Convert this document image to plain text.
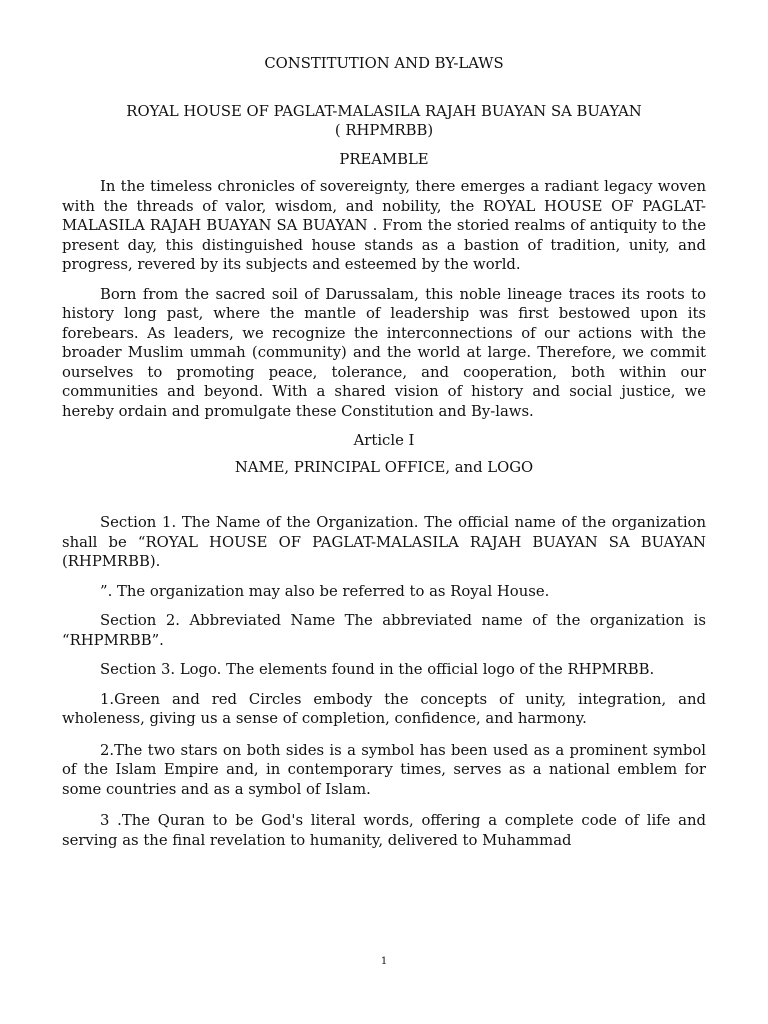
CONSTITUTION AND BY-LAWS

ROYAL HOUSE OF PAGLAT-MALASILA RAJAH BUAYAN SA BUAYAN

( RHPMRBB)

PREAMBLE

In the timeless chronicles of sovereignty, there emerges a radiant legacy woven with the threads of valor, wisdom, and nobility, the ROYAL HOUSE OF PAGLAT-MALASILA RAJAH BUAYAN SA BUAYAN . From the storied realms of antiquity to the present day, this distinguished house stands as a bastion of tradition, unity, and progress, revered by its subjects and esteemed by the world.

Born from the sacred soil of Darussalam, this noble lineage traces its roots to history long past, where the mantle of leadership was first bestowed upon its forebears. As leaders, we recognize the interconnections of our actions with the broader Muslim ummah (community) and the world at large. Therefore, we commit ourselves to promoting peace, tolerance, and cooperation, both within our communities and beyond. With a shared vision of history and social justice, we hereby ordain and promulgate these Constitution and By-laws.

Article I

NAME, PRINCIPAL OFFICE, and LOGO

Section 1. The Name of the Organization. The official name of the organization shall be “ROYAL HOUSE OF PAGLAT-MALASILA RAJAH BUAYAN SA BUAYAN (RHPMRBB).

”. The organization may also be referred to as Royal House.

Section 2. Abbreviated Name The abbreviated name of the organization is “RHPMRBB”.

Section 3. Logo. The elements found in the official logo of the RHPMRBB.

1.Green and red Circles embody the concepts of unity, integration, and wholeness, giving us a sense of completion, confidence, and harmony.

2.The two stars on both sides is a symbol has been used as a prominent symbol of the Islam Empire and, in contemporary times, serves as a national emblem for some countries and as a symbol of Islam.

3 .The Quran to be God's literal words, offering a complete code of life and serving as the final revelation to humanity, delivered to Muhammad

1
